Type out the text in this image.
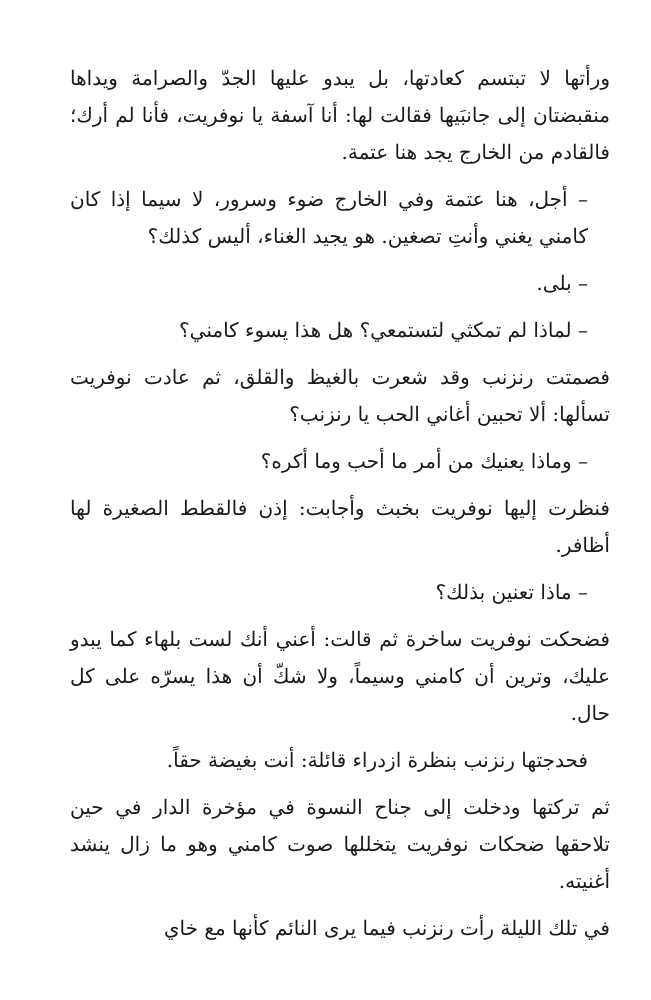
ورأتها لا تبتسم كعادتها، بل يبدو عليها الجدّ والصرامة ويداها منقبضتان إلى جانبَيها فقالت لها: أنا آسفة يا نوفريت، فأنا لم أرك؛ فالقادم من الخارج يجد هنا عتمة.

– أجل، هنا عتمة وفي الخارج ضوء وسرور، لا سيما إذا كان كامني يغني وأنتِ تصغين. هو يجيد الغناء، أليس كذلك؟

– بلى.

– لماذا لم تمكثي لتستمعي؟ هل هذا يسوء كامني؟

فصمتت رنزنب وقد شعرت بالغيظ والقلق، ثم عادت نوفريت تسألها: ألا تحبين أغاني الحب يا رنزنب؟

– وماذا يعنيك من أمر ما أحب وما أكره؟

فنظرت إليها نوفريت بخبث وأجابت: إذن فالقطط الصغيرة لها أظافر.

– ماذا تعنين بذلك؟

فضحكت نوفريت ساخرة ثم قالت: أعني أنك لست بلهاء كما يبدو عليك، وترين أن كامني وسيماً، ولا شكّ أن هذا يسرّه على كل حال.

فحدجتها رنزنب بنظرة ازدراء قائلة: أنت بغيضة حقاً.

ثم تركتها ودخلت إلى جناح النسوة في مؤخرة الدار في حين تلاحقها ضحكات نوفريت يتخللها صوت كامني وهو ما زال ينشد أغنيته.

في تلك الليلة رأت رنزنب فيما يرى النائم كأنها مع خاي
